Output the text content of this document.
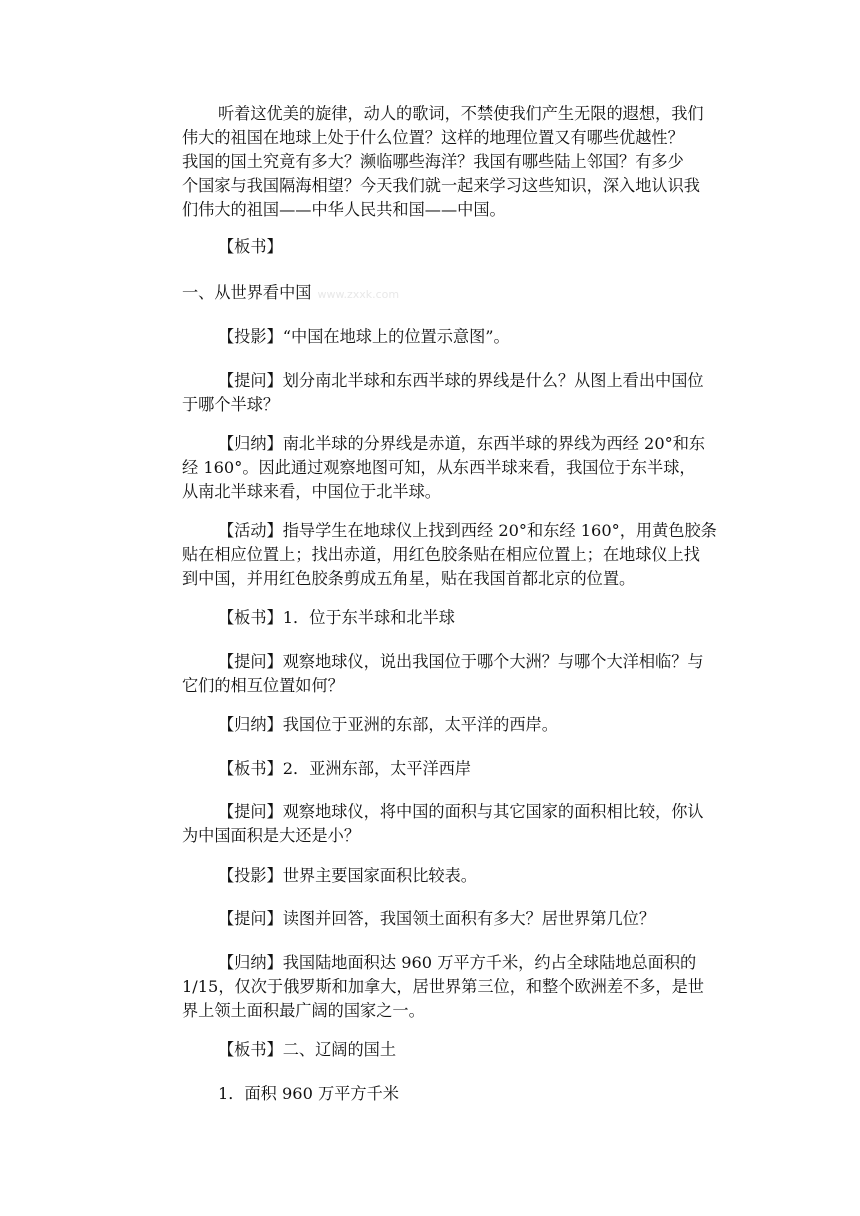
听着这优美的旋律，动人的歌词，不禁使我们产生无限的遐想，我们
伟大的祖国在地球上处于什么位置？这样的地理位置又有哪些优越性？
我国的国土究竟有多大？濒临哪些海洋？我国有哪些陆上邻国？有多少
个国家与我国隔海相望？今天我们就一起来学习这些知识，深入地认识我
们伟大的祖国——中华人民共和国——中国。
【板书】
一、从世界看中国 www.zxxk.com
【投影】“中国在地球上的位置示意图”。
【提问】划分南北半球和东西半球的界线是什么？从图上看出中国位
于哪个半球？
【归纳】南北半球的分界线是赤道，东西半球的界线为西经 20°和东
经 160°。因此通过观察地图可知，从东西半球来看，我国位于东半球，
从南北半球来看，中国位于北半球。
【活动】指导学生在地球仪上找到西经 20°和东经 160°，用黄色胶条
贴在相应位置上；找出赤道，用红色胶条贴在相应位置上；在地球仪上找
到中国，并用红色胶条剪成五角星，贴在我国首都北京的位置。
【板书】1．位于东半球和北半球
【提问】观察地球仪，说出我国位于哪个大洲？与哪个大洋相临？与
它们的相互位置如何？
【归纳】我国位于亚洲的东部，太平洋的西岸。
【板书】2．亚洲东部，太平洋西岸
【提问】观察地球仪，将中国的面积与其它国家的面积相比较，你认
为中国面积是大还是小？
【投影】世界主要国家面积比较表。
【提问】读图并回答，我国领土面积有多大？居世界第几位？
【归纳】我国陆地面积达 960 万平方千米，约占全球陆地总面积的
1/15，仅次于俄罗斯和加拿大，居世界第三位，和整个欧洲差不多，是世
界上领土面积最广阔的国家之一。
【板书】二、辽阔的国土
1．面积 960 万平方千米
